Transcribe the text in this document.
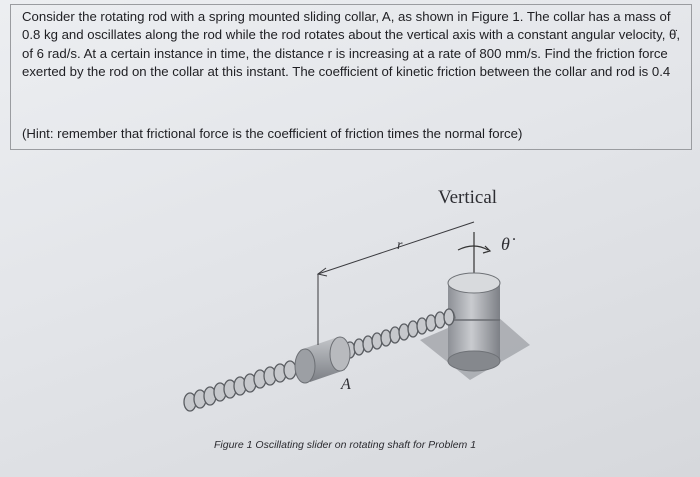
Consider the rotating rod with a spring mounted sliding collar, A, as shown in Figure 1. The collar has a mass of 0.8 kg and oscillates along the rod while the rod rotates about the vertical axis with a constant angular velocity, θ̇, of 6 rad/s. At a certain instance in time, the distance r is increasing at a rate of 800 mm/s. Find the friction force exerted by the rod on the collar at this instant. The coefficient of kinetic friction between the collar and rod is 0.4

(Hint: remember that frictional force is the coefficient of friction times the normal force)

Vertical
r	θ̇
A
Figure 1 Oscillating slider on rotating shaft for Problem 1
